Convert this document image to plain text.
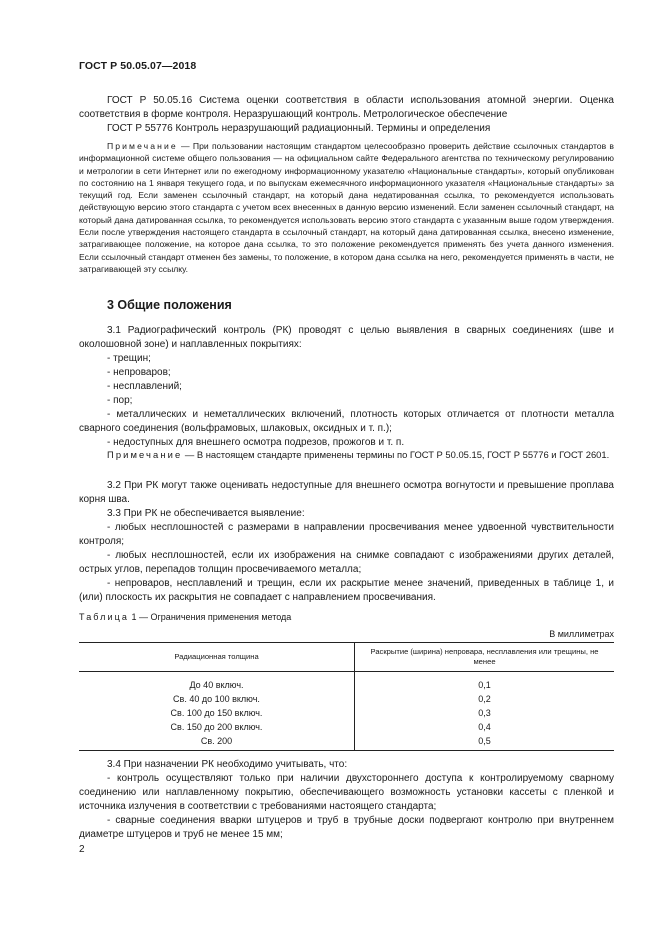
ГОСТ Р 50.05.07—2018

ГОСТ Р 50.05.16 Система оценки соответствия в области использования атомной энергии. Оценка соответствия в форме контроля. Неразрушающий контроль. Метрологическое обеспечение

ГОСТ Р 55776 Контроль неразрушающий радиационный. Термины и определения

Примечание — При пользовании настоящим стандартом целесообразно проверить действие ссылочных стандартов в информационной системе общего пользования — на официальном сайте Федерального агентства по техническому регулированию и метрологии в сети Интернет или по ежегодному информационному указателю «Национальные стандарты», который опубликован по состоянию на 1 января текущего года, и по выпускам ежемесячного информационного указателя «Национальные стандарты» за текущий год. Если заменен ссылочный стандарт, на который дана недатированная ссылка, то рекомендуется использовать действующую версию этого стандарта с учетом всех внесенных в данную версию изменений. Если заменен ссылочный стандарт, на который дана датированная ссылка, то рекомендуется использовать версию этого стандарта с указанным выше годом утверждения. Если после утверждения настоящего стандарта в ссылочный стандарт, на который дана датированная ссылка, внесено изменение, затрагивающее положение, на которое дана ссылка, то это положение рекомендуется применять без учета данного изменения. Если ссылочный стандарт отменен без замены, то положение, в котором дана ссылка на него, рекомендуется применять в части, не затрагивающей эту ссылку.

3 Общие положения

3.1 Радиографический контроль (РК) проводят с целью выявления в сварных соединениях (шве и околошовной зоне) и наплавленных покрытиях:

- трещин;

- непроваров;

- несплавлений;

- пор;

- металлических и неметаллических включений, плотность которых отличается от плотности металла сварного соединения (вольфрамовых, шлаковых, оксидных и т. п.);

- недоступных для внешнего осмотра подрезов, прожогов и т. п.

Примечание — В настоящем стандарте применены термины по ГОСТ Р 50.05.15, ГОСТ Р 55776 и ГОСТ 2601.

3.2 При РК могут также оценивать недоступные для внешнего осмотра вогнутости и превышение проплава корня шва.

3.3 При РК не обеспечивается выявление:

- любых несплошностей с размерами в направлении просвечивания менее удвоенной чувствительности контроля;

- любых несплошностей, если их изображения на снимке совпадают с изображениями других деталей, острых углов, перепадов толщин просвечиваемого металла;

- непроваров, несплавлений и трещин, если их раскрытие менее значений, приведенных в таблице 1, и (или) плоскость их раскрытия не совпадает с направлением просвечивания.

Таблица 1 — Ограничения применения метода
В миллиметрах
Радиационная толщина	Раскрытие (ширина) непровара, несплавления или трещины, не менее
До 40 включ.	0,1
Св. 40 до 100 включ.	0,2
Св. 100 до 150 включ.	0,3
Св. 150 до 200 включ.	0,4
Св. 200	0,5

3.4 При назначении РК необходимо учитывать, что:

- контроль осуществляют только при наличии двухстороннего доступа к контролируемому сварному соединению или наплавленному покрытию, обеспечивающего возможность установки кассеты с пленкой и источника излучения в соответствии с требованиями настоящего стандарта;

- сварные соединения вварки штуцеров и труб в трубные доски подвергают контролю при внутреннем диаметре штуцеров и труб не менее 15 мм;

2
